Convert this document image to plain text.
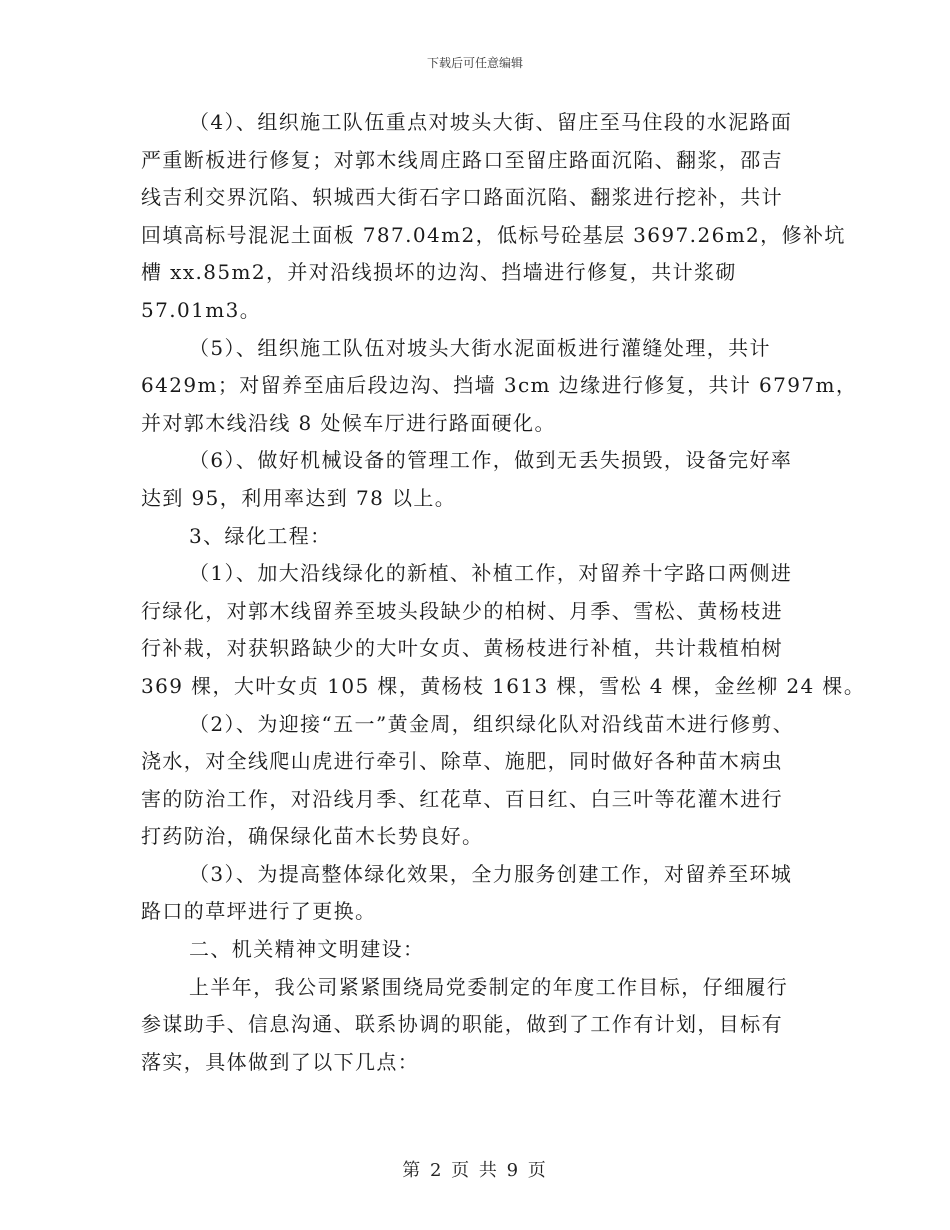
下载后可任意编辑
（4）、组织施工队伍重点对坡头大街、留庄至马住段的水泥路面
严重断板进行修复；对郭木线周庄路口至留庄路面沉陷、翻浆，邵吉
线吉利交界沉陷、轵城西大街石字口路面沉陷、翻浆进行挖补，共计
回填高标号混泥土面板 787.04m2，低标号砼基层 3697.26m2，修补坑
槽 xx.85m2，并对沿线损坏的边沟、挡墙进行修复，共计浆砌
57.01m3。
（5）、组织施工队伍对坡头大街水泥面板进行灌缝处理，共计
6429m；对留养至庙后段边沟、挡墙 3cm 边缘进行修复，共计 6797m，
并对郭木线沿线 8 处候车厅进行路面硬化。
（6）、做好机械设备的管理工作，做到无丢失损毁，设备完好率
达到 95，利用率达到 78 以上。
3、绿化工程：
（1）、加大沿线绿化的新植、补植工作，对留养十字路口两侧进
行绿化，对郭木线留养至坡头段缺少的柏树、月季、雪松、黄杨枝进
行补栽，对获轵路缺少的大叶女贞、黄杨枝进行补植，共计栽植柏树
369 棵，大叶女贞 105 棵，黄杨枝 1613 棵，雪松 4 棵，金丝柳 24 棵。
（2）、为迎接“五一”黄金周，组织绿化队对沿线苗木进行修剪、
浇水，对全线爬山虎进行牵引、除草、施肥，同时做好各种苗木病虫
害的防治工作，对沿线月季、红花草、百日红、白三叶等花灌木进行
打药防治，确保绿化苗木长势良好。
（3）、为提高整体绿化效果，全力服务创建工作，对留养至环城
路口的草坪进行了更换。
二、机关精神文明建设：
上半年，我公司紧紧围绕局党委制定的年度工作目标，仔细履行
参谋助手、信息沟通、联系协调的职能，做到了工作有计划，目标有
落实，具体做到了以下几点：
第 2 页 共 9 页
